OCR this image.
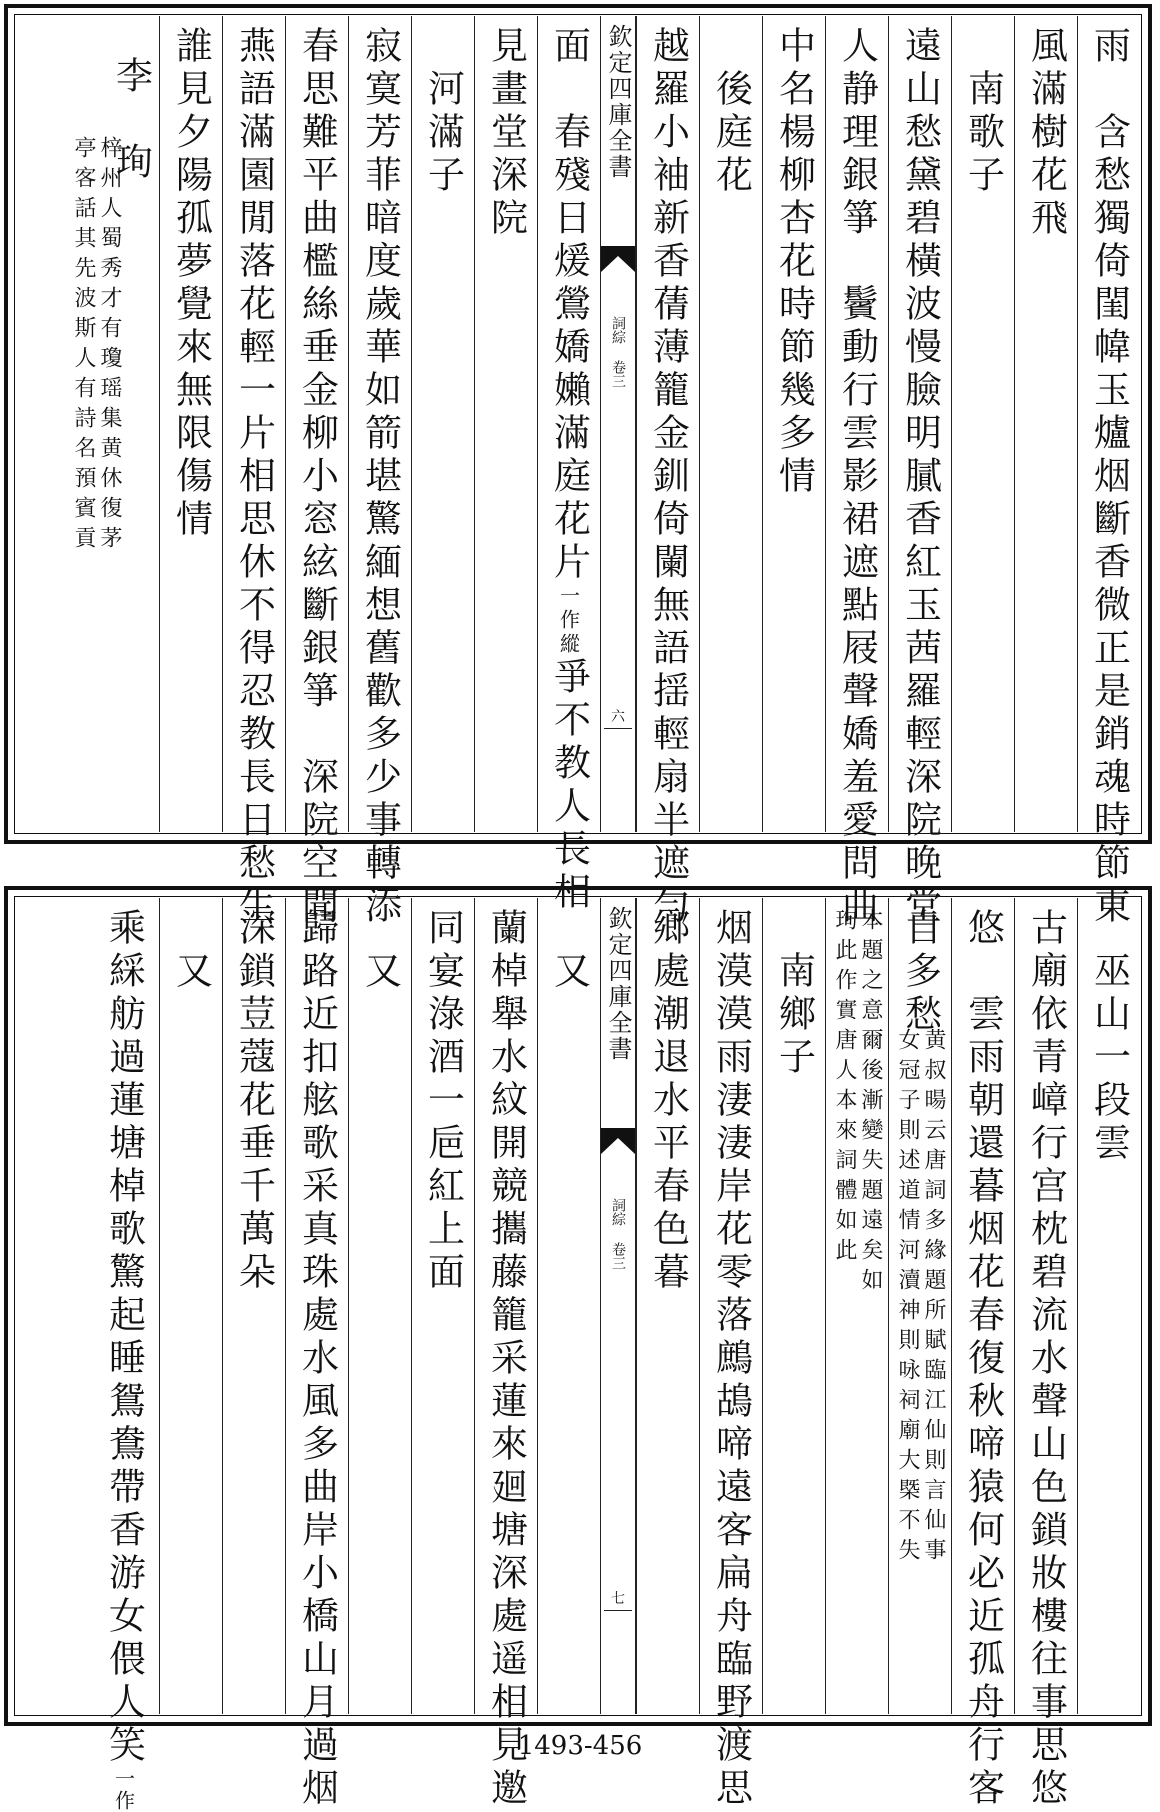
雨　含愁獨倚閨幃玉爐烟斷香微正是銷魂時節東
風滿樹花飛
　南歌子
遠山愁黛碧橫波慢臉明膩香紅玉茜羅輕深院晚堂
人静理銀箏　鬢動行雲影裙遮點屐聲嬌羞愛問曲
中名楊柳杏花時節幾多情
　後庭花
越羅小袖新香蒨薄籠金釧倚闌無語揺輕扇半遮勻
欽定四庫全書
詞綜 卷三
六
面　春殘日煖鶯嬌嬾滿庭花片一作縱爭不教人長相
見畫堂深院
　河滿子
寂寞芳菲暗度歲華如箭堪驚緬想舊歡多少事轉添
春思難平曲檻絲垂金柳小窓絃斷銀箏　深院空聞
燕語滿園閒落花輕一片相思休不得忍教長日愁生
誰見夕陽孤夢覺來無限傷情
李　珣
梓州人蜀秀才有瓊瑶集黄休復茅
亭客話其先波斯人有詩名預賓貢
　巫山一段雲
古廟依青嶂行宫枕碧流水聲山色鎖妝樓往事思悠
悠　雲雨朝還暮烟花春復秋啼猿何必近孤舟行客
自多愁
黄叔暘云唐詞多緣題所賦臨江仙則言仙事
女冠子則述道情河瀆神則咏祠廟大槩不失
本題之意爾後漸變失題遠矣如
珣此作實唐人本來詞體如此
　南鄉子
烟漠漠雨淒淒岸花零落鷓鴣啼遠客扁舟臨野渡思
鄉處潮退水平春色暮
欽定四庫全書
詞綜 卷三
七
　又
蘭棹舉水紋開競攜藤籠采蓮來廻塘深處遥相見邀
同宴淥酒一巵紅上面
　又
歸路近扣舷歌采真珠處水風多曲岸小橋山月過烟
深鎖荳蔻花垂千萬朵
　又
乘綵舫過蓮塘棹歌驚起睡鴛鴦帶香游女偎人笑一作
1493-456
